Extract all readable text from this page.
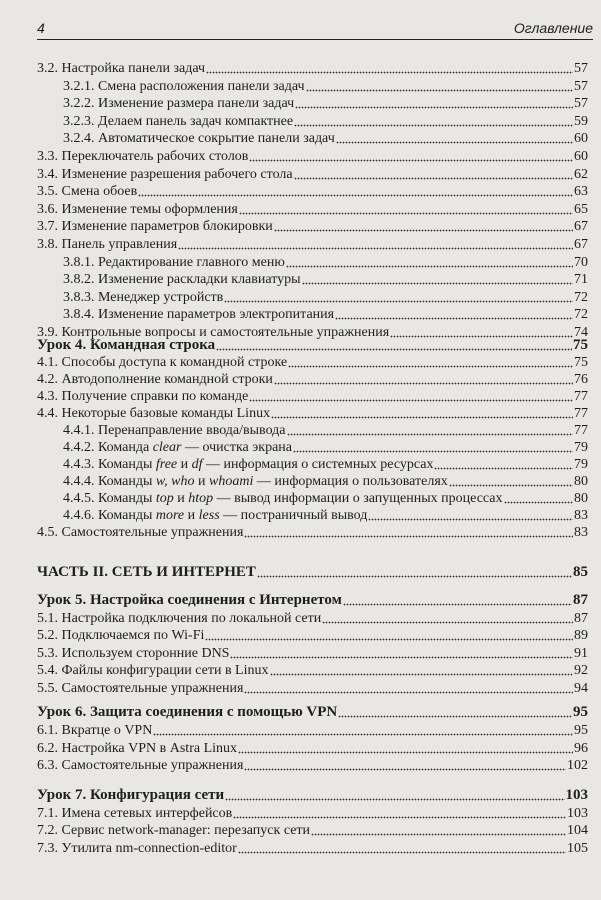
4	Оглавление
3.2. Настройка панели задач	57
3.2.1. Смена расположения панели задач	57
3.2.2. Изменение размера панели задач	57
3.2.3. Делаем панель задач компактнее	59
3.2.4. Автоматическое сокрытие панели задач	60
3.3. Переключатель рабочих столов	60
3.4. Изменение разрешения рабочего стола	62
3.5. Смена обоев	63
3.6. Изменение темы оформления	65
3.7. Изменение параметров блокировки	67
3.8. Панель управления	67
3.8.1. Редактирование главного меню	70
3.8.2. Изменение раскладки клавиатуры	71
3.8.3. Менеджер устройств	72
3.8.4. Изменение параметров электропитания	72
3.9. Контрольные вопросы и самостоятельные упражнения	74
Урок 4. Командная строка	75
4.1. Способы доступа к командной строке	75
4.2. Автодополнение командной строки	76
4.3. Получение справки по команде	77
4.4. Некоторые базовые команды Linux	77
4.4.1. Перенаправление ввода/вывода	77
4.4.2. Команда clear — очистка экрана	79
4.4.3. Команды free и df — информация о системных ресурсах	79
4.4.4. Команды w, who и whoami — информация о пользователях	80
4.4.5. Команды top и htop — вывод информации о запущенных процессах	80
4.4.6. Команды more и less — постраничный вывод	83
4.5. Самостоятельные упражнения	83
ЧАСТЬ II. СЕТЬ И ИНТЕРНЕТ	85
Урок 5. Настройка соединения с Интернетом	87
5.1. Настройка подключения по локальной сети	87
5.2. Подключаемся по Wi-Fi	89
5.3. Используем сторонние DNS	91
5.4. Файлы конфигурации сети в Linux	92
5.5. Самостоятельные упражнения	94
Урок 6. Защита соединения с помощью VPN	95
6.1. Вкратце о VPN	95
6.2. Настройка VPN в Astra Linux	96
6.3. Самостоятельные упражнения	102
Урок 7. Конфигурация сети	103
7.1. Имена сетевых интерфейсов	103
7.2. Сервис network-manager: перезапуск сети	104
7.3. Утилита nm-connection-editor	105
